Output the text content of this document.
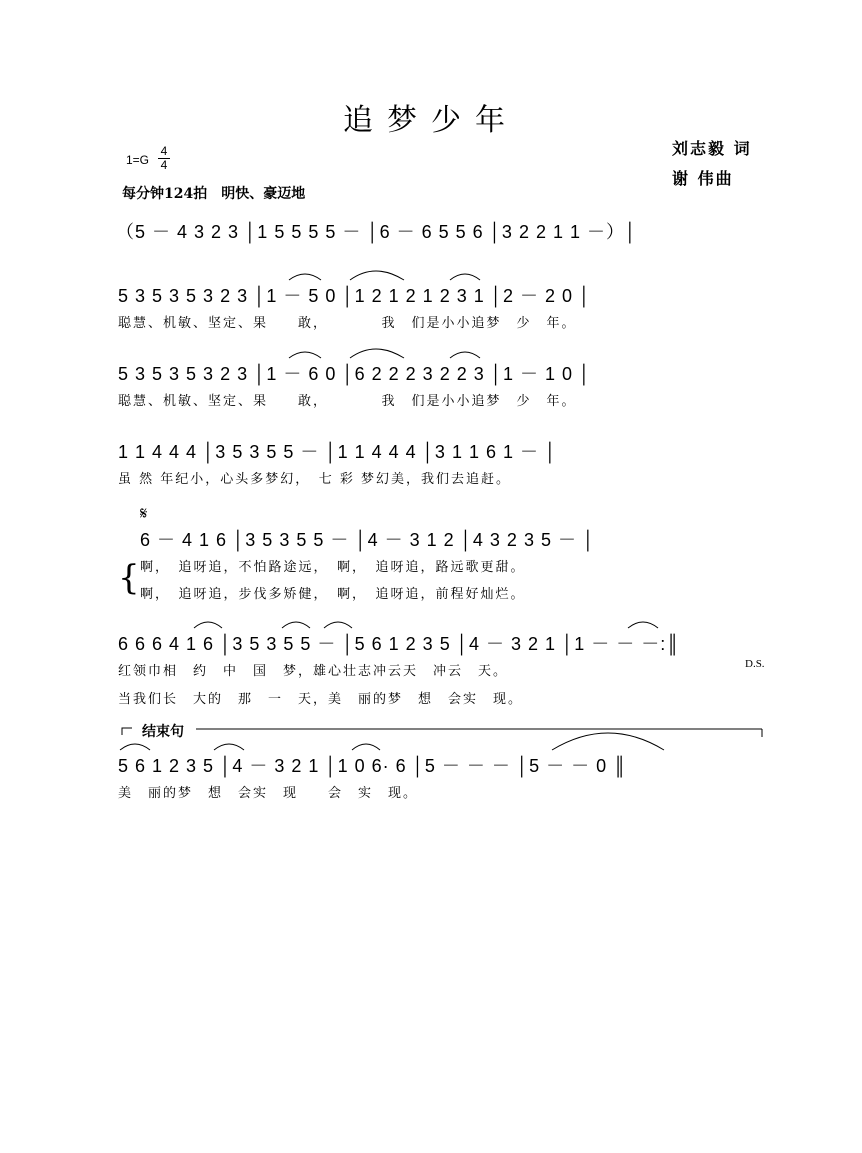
追梦少年
刘志毅 词
谢 伟曲
1=G
4
4
每分钟124拍　明快、豪迈地
（5 － 4 3 2 3 │1 5 5 5 5 － │6 － 6 5 5 6 │3 2 2 1 1 －）│
5 3 5 3 5 3 2 3 │1 － 5 0 │1 2 1 2 1 2 3 1 │2 － 2 0 │
聪慧、机敏、坚定、果　　敢，　　　　我　们是小小追梦　少　年。
5 3 5 3 5 3 2 3 │1 － 6 0 │6 2 2 2 3 2 2 3 │1 － 1 0 │
聪慧、机敏、坚定、果　　敢，　　　　我　们是小小追梦　少　年。
1 1 4 4 4 │3 5 3 5 5 － │1 1 4 4 4 │3 1 1 6 1 － │
虽 然 年纪小，心头多梦幻，　七 彩 梦幻美，我们去追赶。
𝄋
6 － 4 1 6 │3 5 3 5 5 － │4 － 3 1 2 │4 3 2 3 5 － │
{ 啊，　追呀追，不怕路途远，　啊，　追呀追，路远歌更甜。
啊，　追呀追，步伐多矫健，　啊，　追呀追，前程好灿烂。
6 6 6 4 1 6 │3 5 3 5 5 － │5 6 1 2 3 5 │4 － 3 2 1 │1 － － －:║
D.S.
红领巾相　约　中　国　梦，雄心壮志冲云天　冲云　天。
当我们长　大的　那　一　天，美　丽的梦　想　会实　现。
结束句
5 6 1 2 3 5 │4 － 3 2 1 │1 0 6· 6 │5 － － － │5 － － 0 ║
美　丽的梦　想　会实　现　　会　实　现。
